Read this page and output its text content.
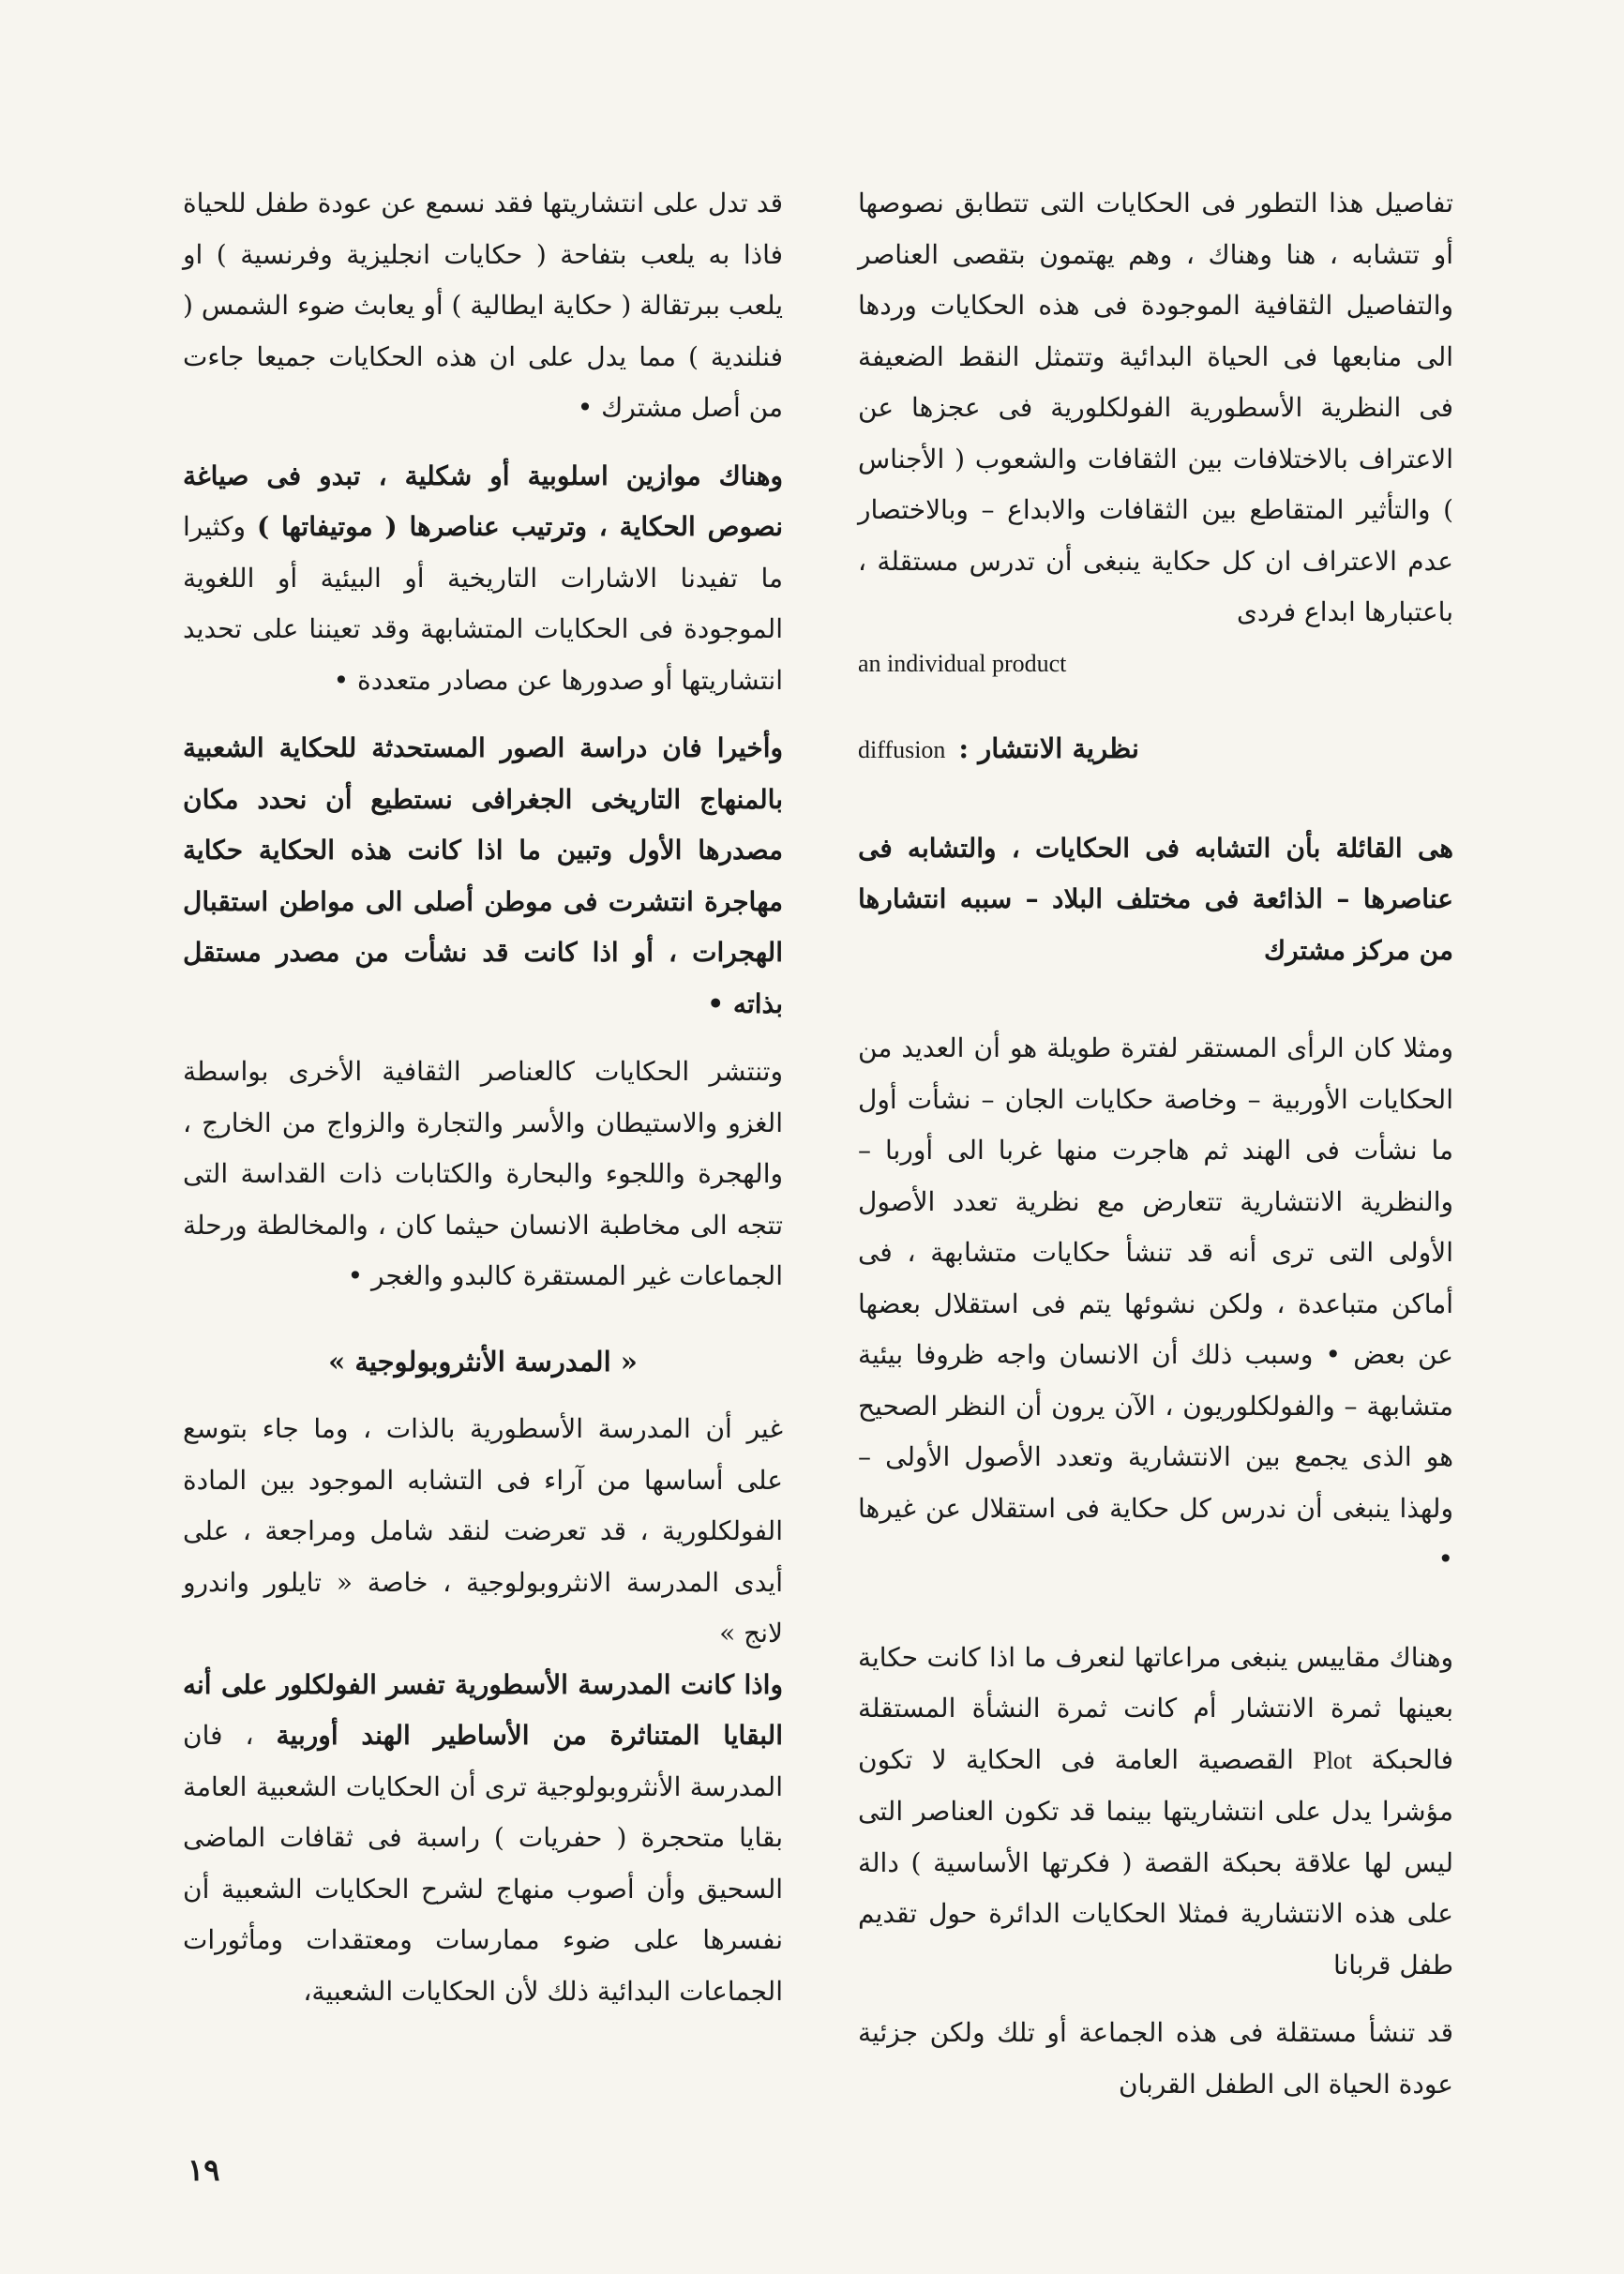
تفاصيل هذا التطور فى الحكايات التى تتطابق نصوصها أو تتشابه ، هنا وهناك ، وهم يهتمون بتقصى العناصر والتفاصيل الثقافية الموجودة فى هذه الحكايات وردها الى منابعها فى الحياة البدائية وتتمثل النقط الضعيفة فى النظرية الأسطورية الفولكلورية فى عجزها عن الاعتراف بالاختلافات بين الثقافات والشعوب ( الأجناس ) والتأثير المتقاطع بين الثقافات والابداع – وبالاختصار عدم الاعتراف ان كل حكاية ينبغى أن تدرس مستقلة ، باعتبارها ابداع فردى

an individual product

نظرية الانتشار :
diffusion

هى القائلة بأن التشابه فى الحكايات ، والتشابه فى عناصرها – الذائعة فى مختلف البلاد – سببه انتشارها من مركز مشترك

ومثلا كان الرأى المستقر لفترة طويلة هو أن العديد من الحكايات الأوربية – وخاصة حكايات الجان – نشأت أول ما نشأت فى الهند ثم هاجرت منها غربا الى أوربا – والنظرية الانتشارية تتعارض مع نظرية تعدد الأصول الأولى التى ترى أنه قد تنشأ حكايات متشابهة ، فى أماكن متباعدة ، ولكن نشوئها يتم فى استقلال بعضها عن بعض • وسبب ذلك أن الانسان واجه ظروفا بيئية متشابهة – والفولكلوريون ، الآن يرون أن النظر الصحيح هو الذى يجمع بين الانتشارية وتعدد الأصول الأولى – ولهذا ينبغى أن ندرس كل حكاية فى استقلال عن غيرها •

وهناك مقاييس ينبغى مراعاتها لنعرف ما اذا كانت حكاية بعينها ثمرة الانتشار أم كانت ثمرة النشأة المستقلة فالحبكة Plot القصصية العامة فى الحكاية لا تكون مؤشرا يدل على انتشاريتها بينما قد تكون العناصر التى ليس لها علاقة بحبكة القصة ( فكرتها الأساسية ) دالة على هذه الانتشارية فمثلا الحكايات الدائرة حول تقديم طفل قربانا

قد تنشأ مستقلة فى هذه الجماعة أو تلك ولكن جزئية عودة الحياة الى الطفل القربان

قد تدل على انتشاريتها فقد نسمع عن عودة طفل للحياة فاذا به يلعب بتفاحة ( حكايات انجليزية وفرنسية ) او يلعب ببرتقالة ( حكاية ايطالية ) أو يعابث ضوء الشمس ( فنلندية ) مما يدل على ان هذه الحكايات جميعا جاءت من أصل مشترك •

وهناك موازين اسلوبية أو شكلية ، تبدو فى صياغة نصوص الحكاية ، وترتيب عناصرها ( موتيفاتها ) وكثيرا ما تفيدنا الاشارات التاريخية أو البيئية أو اللغوية الموجودة فى الحكايات المتشابهة وقد تعيننا على تحديد انتشاريتها أو صدورها عن مصادر متعددة •

وأخيرا فان دراسة الصور المستحدثة للحكاية الشعبية بالمنهاج التاريخى الجغرافى نستطيع أن نحدد مكان مصدرها الأول وتبين ما اذا كانت هذه الحكاية حكاية مهاجرة انتشرت فى موطن أصلى الى مواطن استقبال الهجرات ، أو اذا كانت قد نشأت من مصدر مستقل بذاته •

وتنتشر الحكايات كالعناصر الثقافية الأخرى بواسطة الغزو والاستيطان والأسر والتجارة والزواج من الخارج ، والهجرة واللجوء والبحارة والكتابات ذات القداسة التى تتجه الى مخاطبة الانسان حيثما كان ، والمخالطة ورحلة الجماعات غير المستقرة كالبدو والغجر •

« المدرسة الأنثروبولوجية »

غير أن المدرسة الأسطورية بالذات ، وما جاء بتوسع على أساسها من آراء فى التشابه الموجود بين المادة الفولكلورية ، قد تعرضت لنقد شامل ومراجعة ، على أيدى المدرسة الانثروبولوجية ، خاصة « تايلور واندرو لانج »

واذا كانت المدرسة الأسطورية تفسر الفولكلور على أنه البقايا المتناثرة من الأساطير الهند أوربية ، فان المدرسة الأنثروبولوجية ترى أن الحكايات الشعبية العامة بقايا متحجرة ( حفريات ) راسبة فى ثقافات الماضى السحيق وأن أصوب منهاج لشرح الحكايات الشعبية أن نفسرها على ضوء ممارسات ومعتقدات ومأثورات الجماعات البدائية ذلك لأن الحكايات الشعبية،

١٩
